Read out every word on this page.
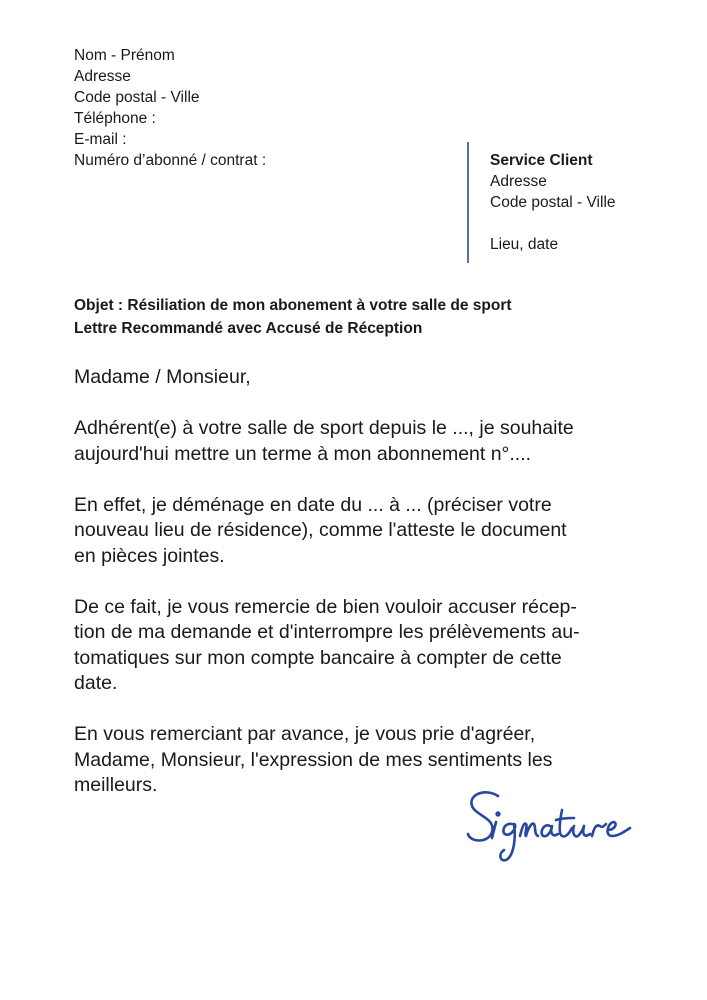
Nom - Prénom
Adresse
Code postal - Ville
Téléphone :
E-mail :
Numéro d’abonné / contrat :	Service Client
Adresse
Code postal - Ville
Lieu, date
Objet : Résiliation de mon abonement à votre salle de sport
Lettre Recommandé avec Accusé de Réception

Madame / Monsieur,

Adhérent(e) à votre salle de sport depuis le ..., je souhaite
aujourd'hui mettre un terme à mon abonnement n°....

En effet, je déménage en date du ... à ... (préciser votre
nouveau lieu de résidence), comme l'atteste le document
en pièces jointes.

De ce fait, je vous remercie de bien vouloir accuser récep-
tion de ma demande et d'interrompre les prélèvements au-
tomatiques sur mon compte bancaire à compter de cette
date.

En vous remerciant par avance, je vous prie d'agréer,
Madame, Monsieur, l'expression de mes sentiments les
meilleurs.
